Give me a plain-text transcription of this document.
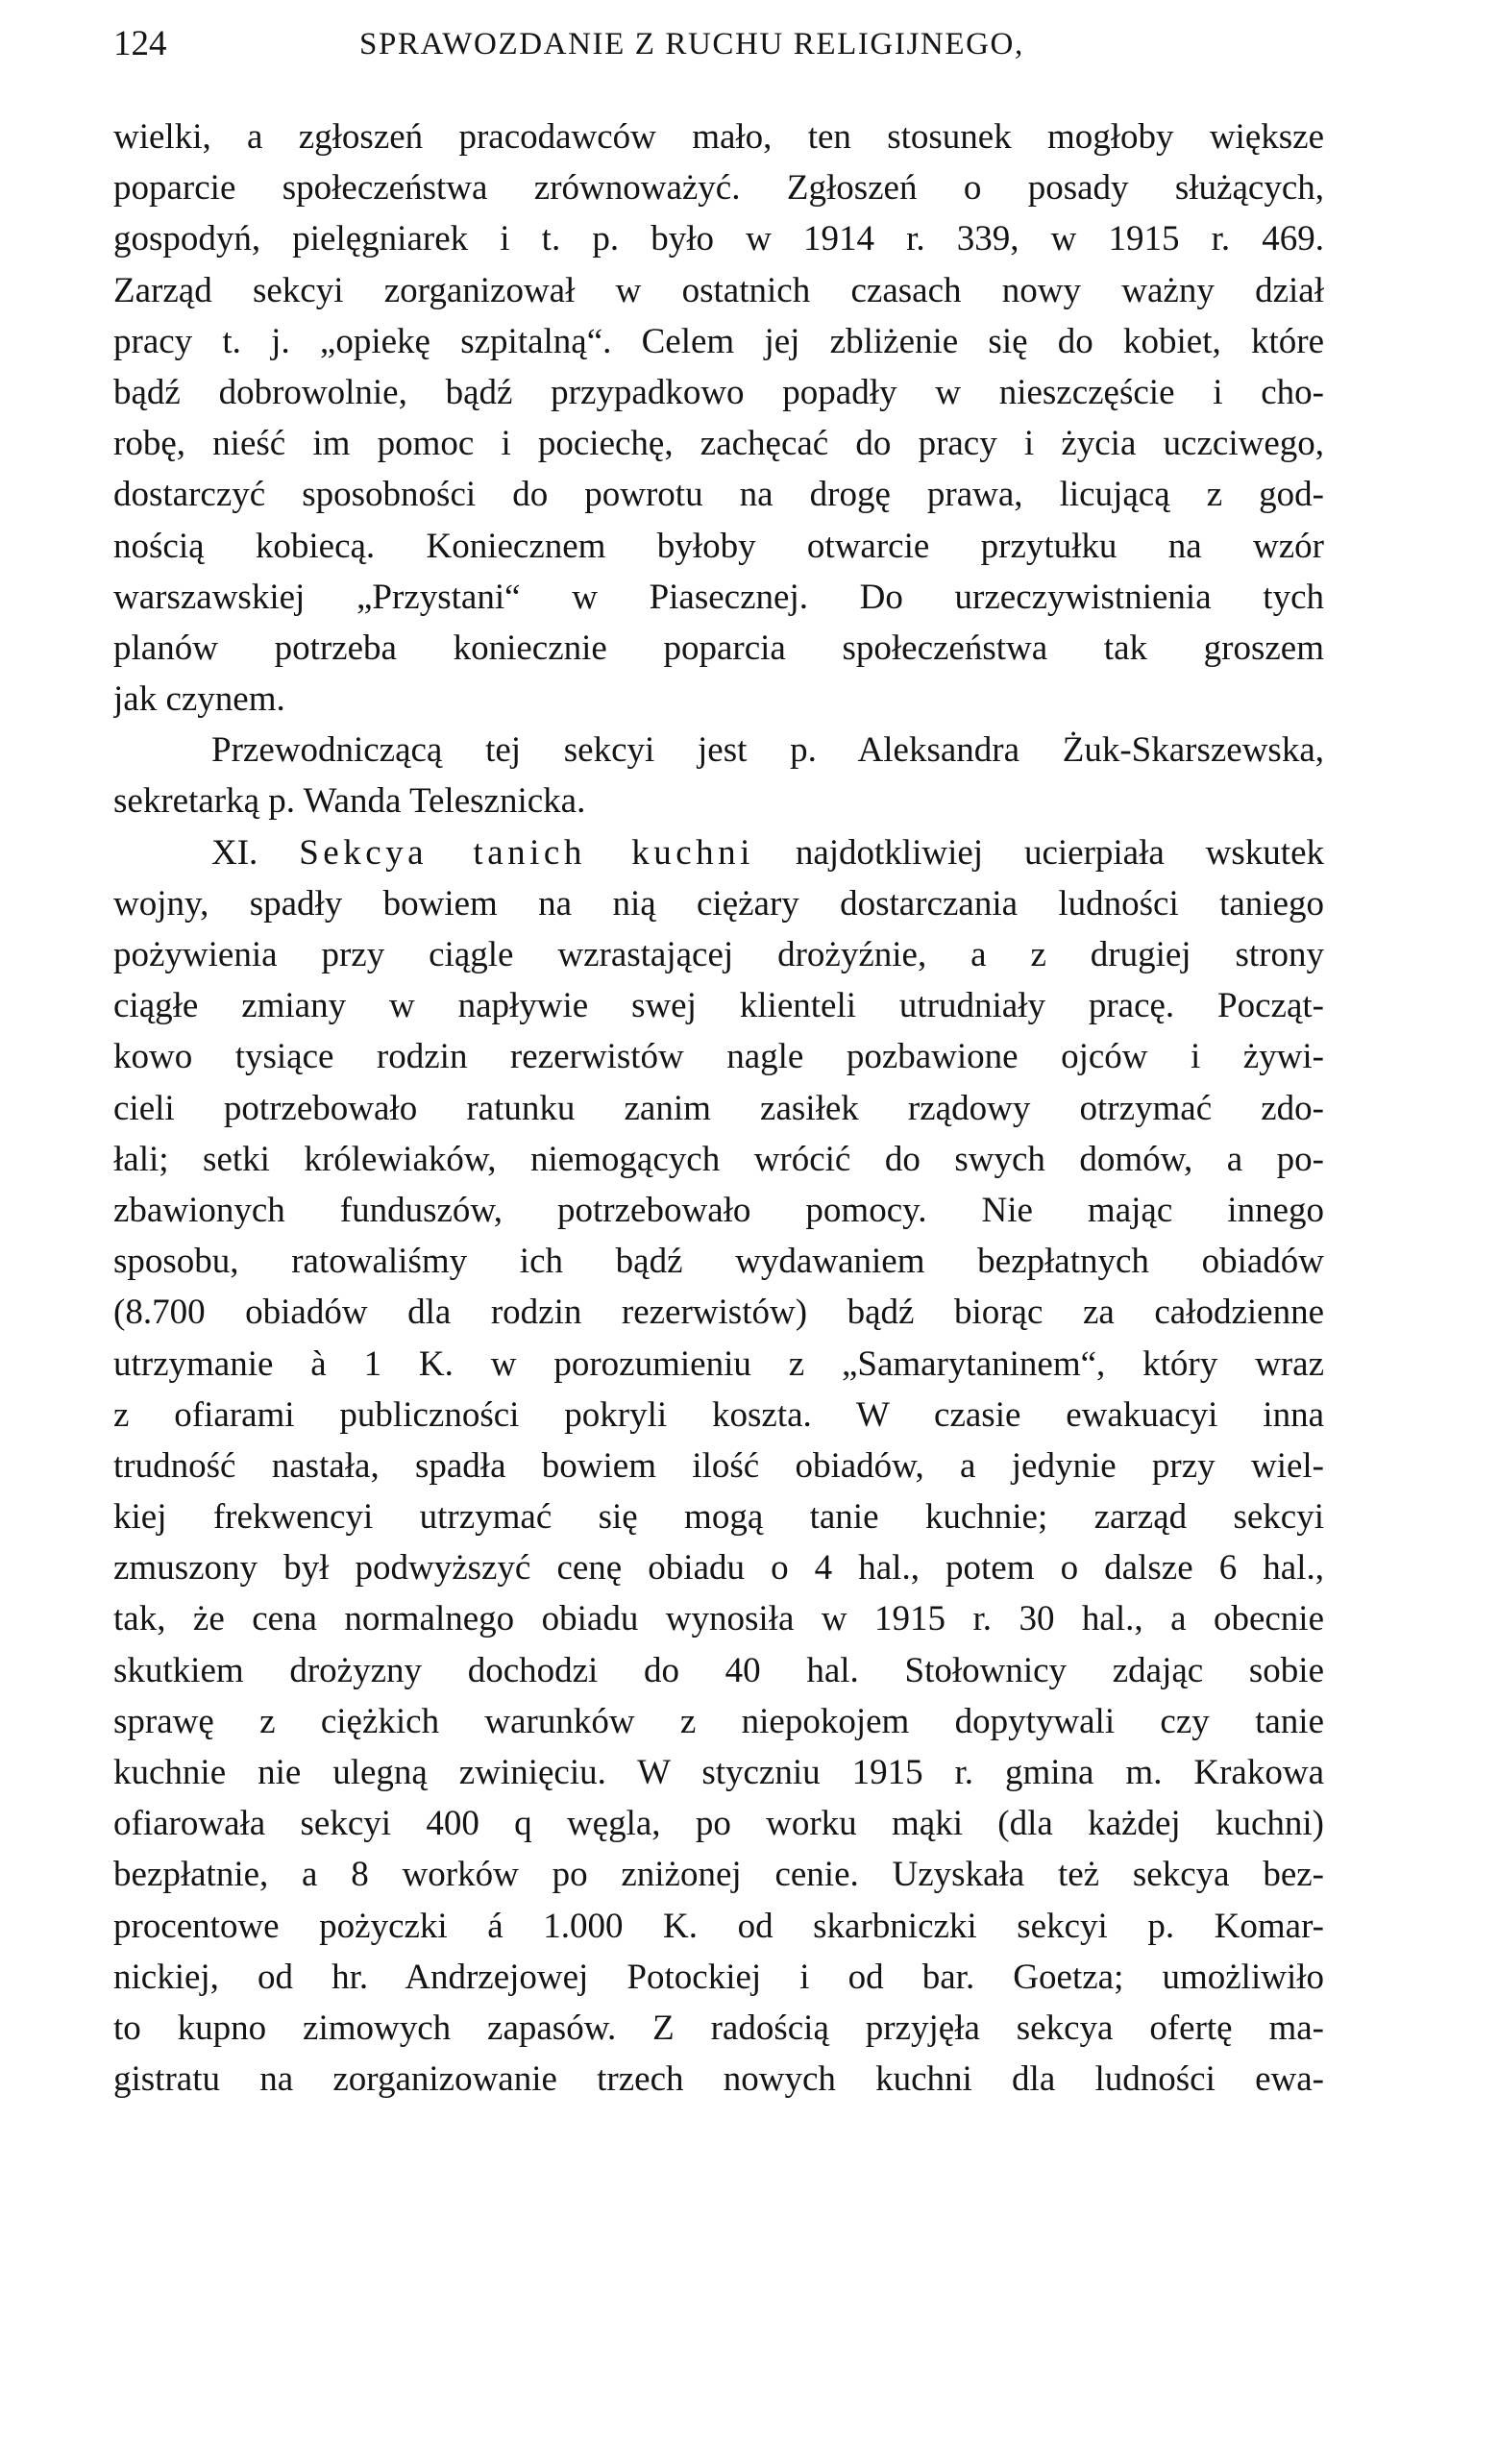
124	SPRAWOZDANIE Z RUCHU RELIGIJNEGO,
wielki, a zgłoszeń pracodawców mało, ten stosunek mogłoby większe
poparcie społeczeństwa zrównoważyć. Zgłoszeń o posady służących,
gospodyń, pielęgniarek i t. p. było w 1914 r. 339, w 1915 r. 469.
Zarząd sekcyi zorganizował w ostatnich czasach nowy ważny dział
pracy t. j. „opiekę szpitalną“. Celem jej zbliżenie się do kobiet, które
bądź dobrowolnie, bądź przypadkowo popadły w nieszczęście i cho-
robę, nieść im pomoc i pociechę, zachęcać do pracy i życia uczciwego,
dostarczyć sposobności do powrotu na drogę prawa, licującą z god-
nością kobiecą. Koniecznem byłoby otwarcie przytułku na wzór
warszawskiej „Przystani“ w Piasecznej. Do urzeczywistnienia tych
planów potrzeba koniecznie poparcia społeczeństwa tak groszem
jak czynem.
Przewodniczącą tej sekcyi jest p. Aleksandra Żuk-Skarszewska,
sekretarką p. Wanda Telesznicka.
XI. Sekcya tanich kuchni najdotkliwiej ucierpiała wskutek
wojny, spadły bowiem na nią ciężary dostarczania ludności taniego
pożywienia przy ciągle wzrastającej drożyźnie, a z drugiej strony
ciągłe zmiany w napływie swej klienteli utrudniały pracę. Począt-
kowo tysiące rodzin rezerwistów nagle pozbawione ojców i żywi-
cieli potrzebowało ratunku zanim zasiłek rządowy otrzymać zdo-
łali; setki królewiaków, niemogących wrócić do swych domów, a po-
zbawionych funduszów, potrzebowało pomocy. Nie mając innego
sposobu, ratowaliśmy ich bądź wydawaniem bezpłatnych obiadów
(8.700 obiadów dla rodzin rezerwistów) bądź biorąc za całodzienne
utrzymanie à 1 K. w porozumieniu z „Samarytaninem“, który wraz
z ofiarami publiczności pokryli koszta. W czasie ewakuacyi inna
trudność nastała, spadła bowiem ilość obiadów, a jedynie przy wiel-
kiej frekwencyi utrzymać się mogą tanie kuchnie; zarząd sekcyi
zmuszony był podwyższyć cenę obiadu o 4 hal., potem o dalsze 6 hal.,
tak, że cena normalnego obiadu wynosiła w 1915 r. 30 hal., a obecnie
skutkiem drożyzny dochodzi do 40 hal. Stołownicy zdając sobie
sprawę z ciężkich warunków z niepokojem dopytywali czy tanie
kuchnie nie ulegną zwinięciu. W styczniu 1915 r. gmina m. Krakowa
ofiarowała sekcyi 400 q węgla, po worku mąki (dla każdej kuchni)
bezpłatnie, a 8 worków po zniżonej cenie. Uzyskała też sekcya bez-
procentowe pożyczki á 1.000 K. od skarbniczki sekcyi p. Komar-
nickiej, od hr. Andrzejowej Potockiej i od bar. Goetza; umożliwiło
to kupno zimowych zapasów. Z radością przyjęła sekcya ofertę ma-
gistratu na zorganizowanie trzech nowych kuchni dla ludności ewa-
